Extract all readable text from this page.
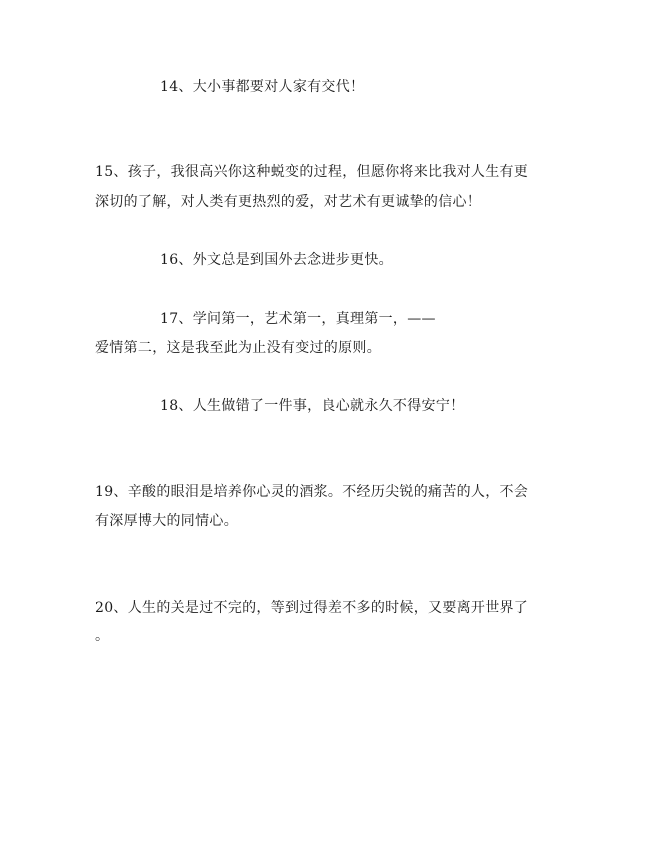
14、大小事都要对人家有交代！
15、孩子，我很高兴你这种蜕变的过程，但愿你将来比我对人生有更
深切的了解，对人类有更热烈的爱，对艺术有更诚挚的信心！
16、外文总是到国外去念进步更快。
17、学问第一，艺术第一，真理第一，——
爱情第二，这是我至此为止没有变过的原则。
18、人生做错了一件事，良心就永久不得安宁！
19、辛酸的眼泪是培养你心灵的酒浆。不经历尖锐的痛苦的人，不会
有深厚博大的同情心。
20、人生的关是过不完的，等到过得差不多的时候，又要离开世界了
。
